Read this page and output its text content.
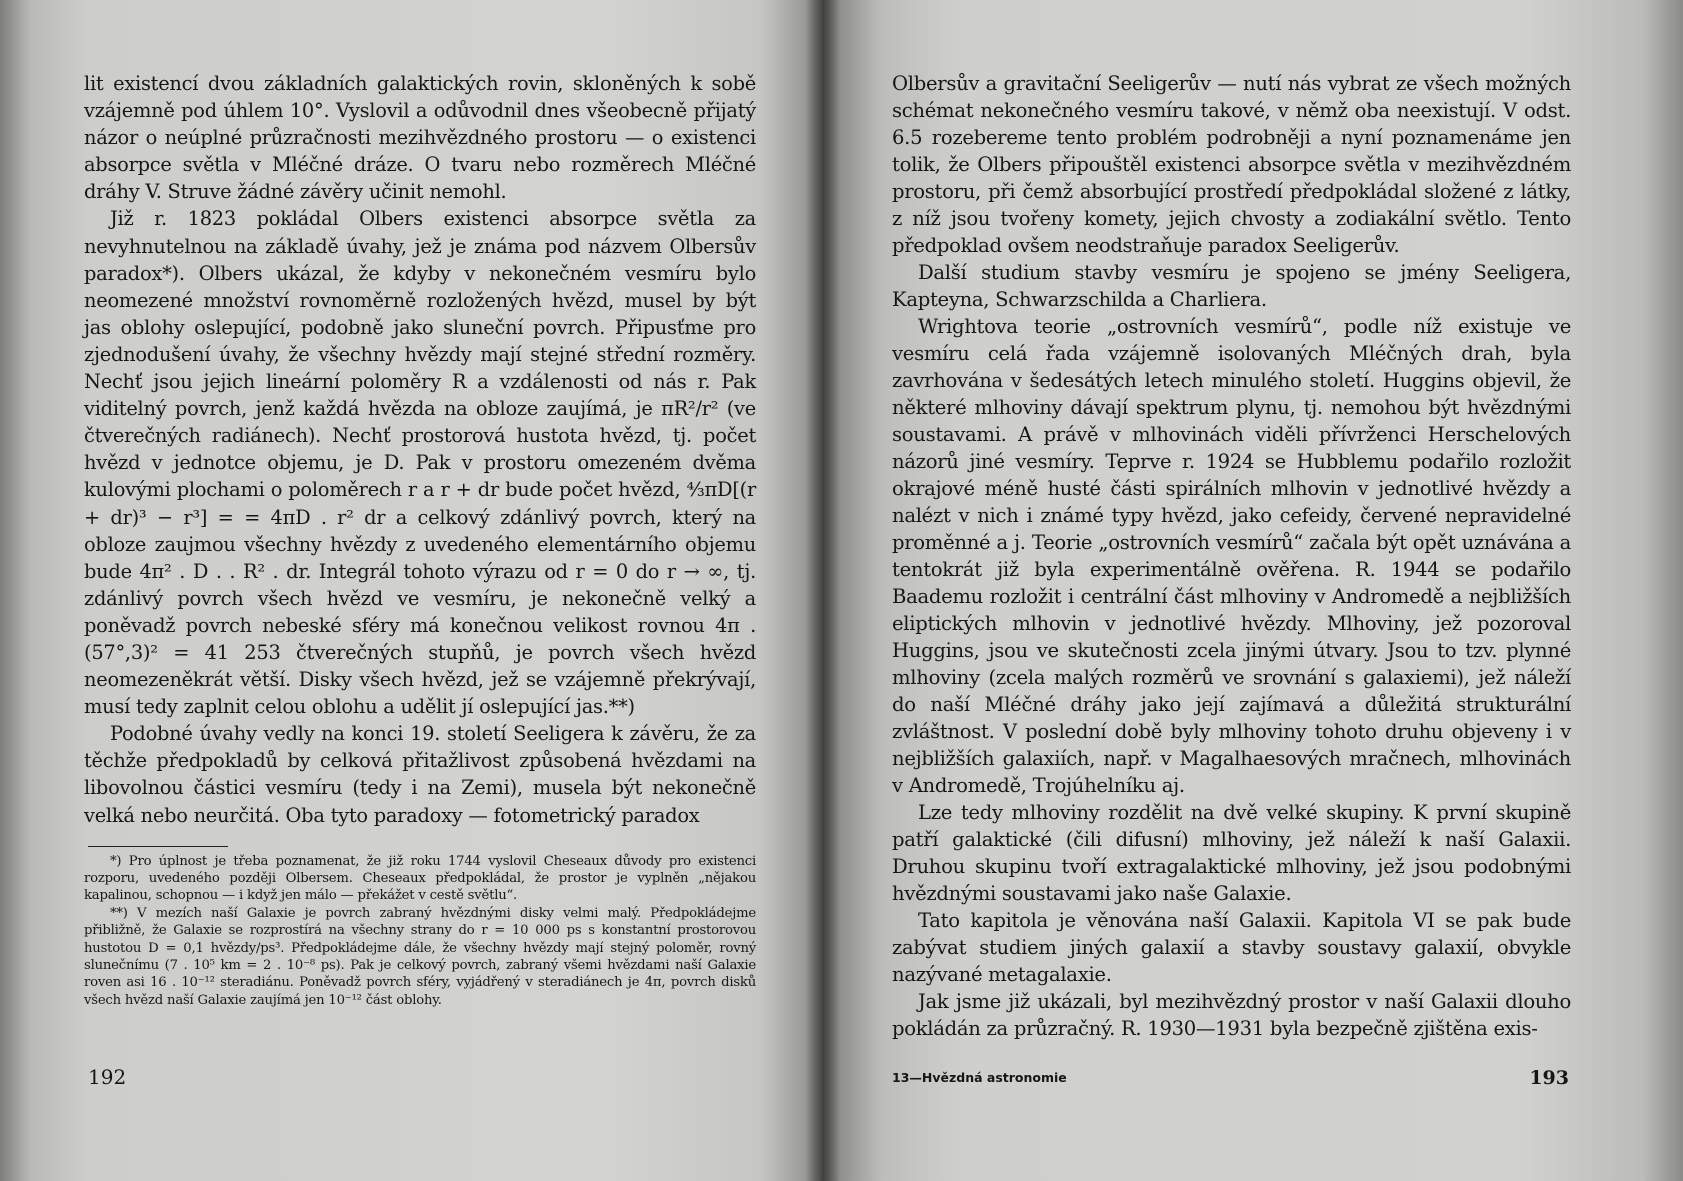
lit existencí dvou základních galaktických rovin, skloněných k sobě vzájemně pod úhlem 10°. Vyslovil a odůvodnil dnes všeobecně přijatý názor o neúplné průzračnosti mezihvězdného prostoru — o existenci absorpce světla v Mléčné dráze. O tvaru nebo rozměrech Mléčné dráhy V. Struve žádné závěry učinit nemohl.

Již r. 1823 pokládal Olbers existenci absorpce světla za nevyhnutelnou na základě úvahy, jež je známa pod názvem Olbersův paradox*). Olbers ukázal, že kdyby v nekonečném vesmíru bylo neomezené množství rovnoměrně rozložených hvězd, musel by být jas oblohy oslepující, podobně jako sluneční povrch. Připusťme pro zjednodušení úvahy, že všechny hvězdy mají stejné střední rozměry. Nechť jsou jejich lineární poloměry R a vzdálenosti od nás r. Pak viditelný povrch, jenž každá hvězda na obloze zaujímá, je πR²/r² (ve čtverečných radiánech). Nechť prostorová hustota hvězd, tj. počet hvězd v jednotce objemu, je D. Pak v prostoru omezeném dvěma kulovými plochami o poloměrech r a r + dr bude počet hvězd, ⁴⁄₃πD[(r + dr)³ − r³] = = 4πD . r² dr a celkový zdánlivý povrch, který na obloze zaujmou všechny hvězdy z uvedeného elementárního objemu bude 4π² . D . . R² . dr. Integrál tohoto výrazu od r = 0 do r → ∞, tj. zdánlivý povrch všech hvězd ve vesmíru, je nekonečně velký a poněvadž povrch nebeské sféry má konečnou velikost rovnou 4π . (57°,3)² = 41 253 čtverečných stupňů, je povrch všech hvězd neomezeněkrát větší. Disky všech hvězd, jež se vzájemně překrývají, musí tedy zaplnit celou oblohu a udělit jí oslepující jas.**)

Podobné úvahy vedly na konci 19. století Seeligera k závěru, že za těchže předpokladů by celková přitažlivost způsobená hvězdami na libovolnou částici vesmíru (tedy i na Zemi), musela být nekonečně velká nebo neurčitá. Oba tyto paradoxy — fotometrický paradox

*) Pro úplnost je třeba poznamenat, že již roku 1744 vyslovil Cheseaux důvody pro existenci rozporu, uvedeného později Olbersem. Cheseaux předpokládal, že prostor je vyplněn „nějakou kapalinou, schopnou — i když jen málo — překážet v cestě světlu“.

**) V mezích naší Galaxie je povrch zabraný hvězdnými disky velmi malý. Předpokládejme přibližně, že Galaxie se rozprostírá na všechny strany do r = 10 000 ps s konstantní prostorovou hustotou D = 0,1 hvězdy/ps³. Předpokládejme dále, že všechny hvězdy mají stejný poloměr, rovný slunečnímu (7 . 10⁵ km = 2 . 10⁻⁸ ps). Pak je celkový povrch, zabraný všemi hvězdami naší Galaxie roven asi 16 . 10⁻¹² steradiánu. Poněvadž povrch sféry, vyjádřený v steradiánech je 4π, povrch disků všech hvězd naší Galaxie zaujímá jen 10⁻¹² část oblohy.

192

Olbersův a gravitační Seeligerův — nutí nás vybrat ze všech možných schémat nekonečného vesmíru takové, v němž oba neexistují. V odst. 6.5 rozebereme tento problém podrobněji a nyní poznamenáme jen tolik, že Olbers připouštěl existenci absorpce světla v mezihvězdném prostoru, při čemž absorbující prostředí předpokládal složené z látky, z níž jsou tvořeny komety, jejich chvosty a zodiakální světlo. Tento předpoklad ovšem neodstraňuje paradox Seeligerův.

Další studium stavby vesmíru je spojeno se jmény Seeligera, Kapteyna, Schwarzschilda a Charliera.

Wrightova teorie „ostrovních vesmírů“, podle níž existuje ve vesmíru celá řada vzájemně isolovaných Mléčných drah, byla zavrhována v šedesátých letech minulého století. Huggins objevil, že některé mlhoviny dávají spektrum plynu, tj. nemohou být hvězdnými soustavami. A právě v mlhovinách viděli přívrženci Herschelových názorů jiné vesmíry. Teprve r. 1924 se Hubblemu podařilo rozložit okrajové méně husté části spirálních mlhovin v jednotlivé hvězdy a nalézt v nich i známé typy hvězd, jako cefeidy, červené nepravidelné proměnné a j. Teorie „ostrovních vesmírů“ začala být opět uznávána a tentokrát již byla experimentálně ověřena. R. 1944 se podařilo Baademu rozložit i centrální část mlhoviny v Andromedě a nejbližších eliptických mlhovin v jednotlivé hvězdy. Mlhoviny, jež pozoroval Huggins, jsou ve skutečnosti zcela jinými útvary. Jsou to tzv. plynné mlhoviny (zcela malých rozměrů ve srovnání s galaxiemi), jež náleží do naší Mléčné dráhy jako její zajímavá a důležitá strukturální zvláštnost. V poslední době byly mlhoviny tohoto druhu objeveny i v nejbližších galaxiích, např. v Magalhaesových mračnech, mlhovinách v Andromedě, Trojúhelníku aj.

Lze tedy mlhoviny rozdělit na dvě velké skupiny. K první skupině patří galaktické (čili difusní) mlhoviny, jež náleží k naší Galaxii. Druhou skupinu tvoří extragalaktické mlhoviny, jež jsou podobnými hvězdnými soustavami jako naše Galaxie.

Tato kapitola je věnována naší Galaxii. Kapitola VI se pak bude zabývat studiem jiných galaxií a stavby soustavy galaxií, obvykle nazývané metagalaxie.

Jak jsme již ukázali, byl mezihvězdný prostor v naší Galaxii dlouho pokládán za průzračný. R. 1930—1931 byla bezpečně zjištěna exis-

13—Hvězdná astronomie	193
